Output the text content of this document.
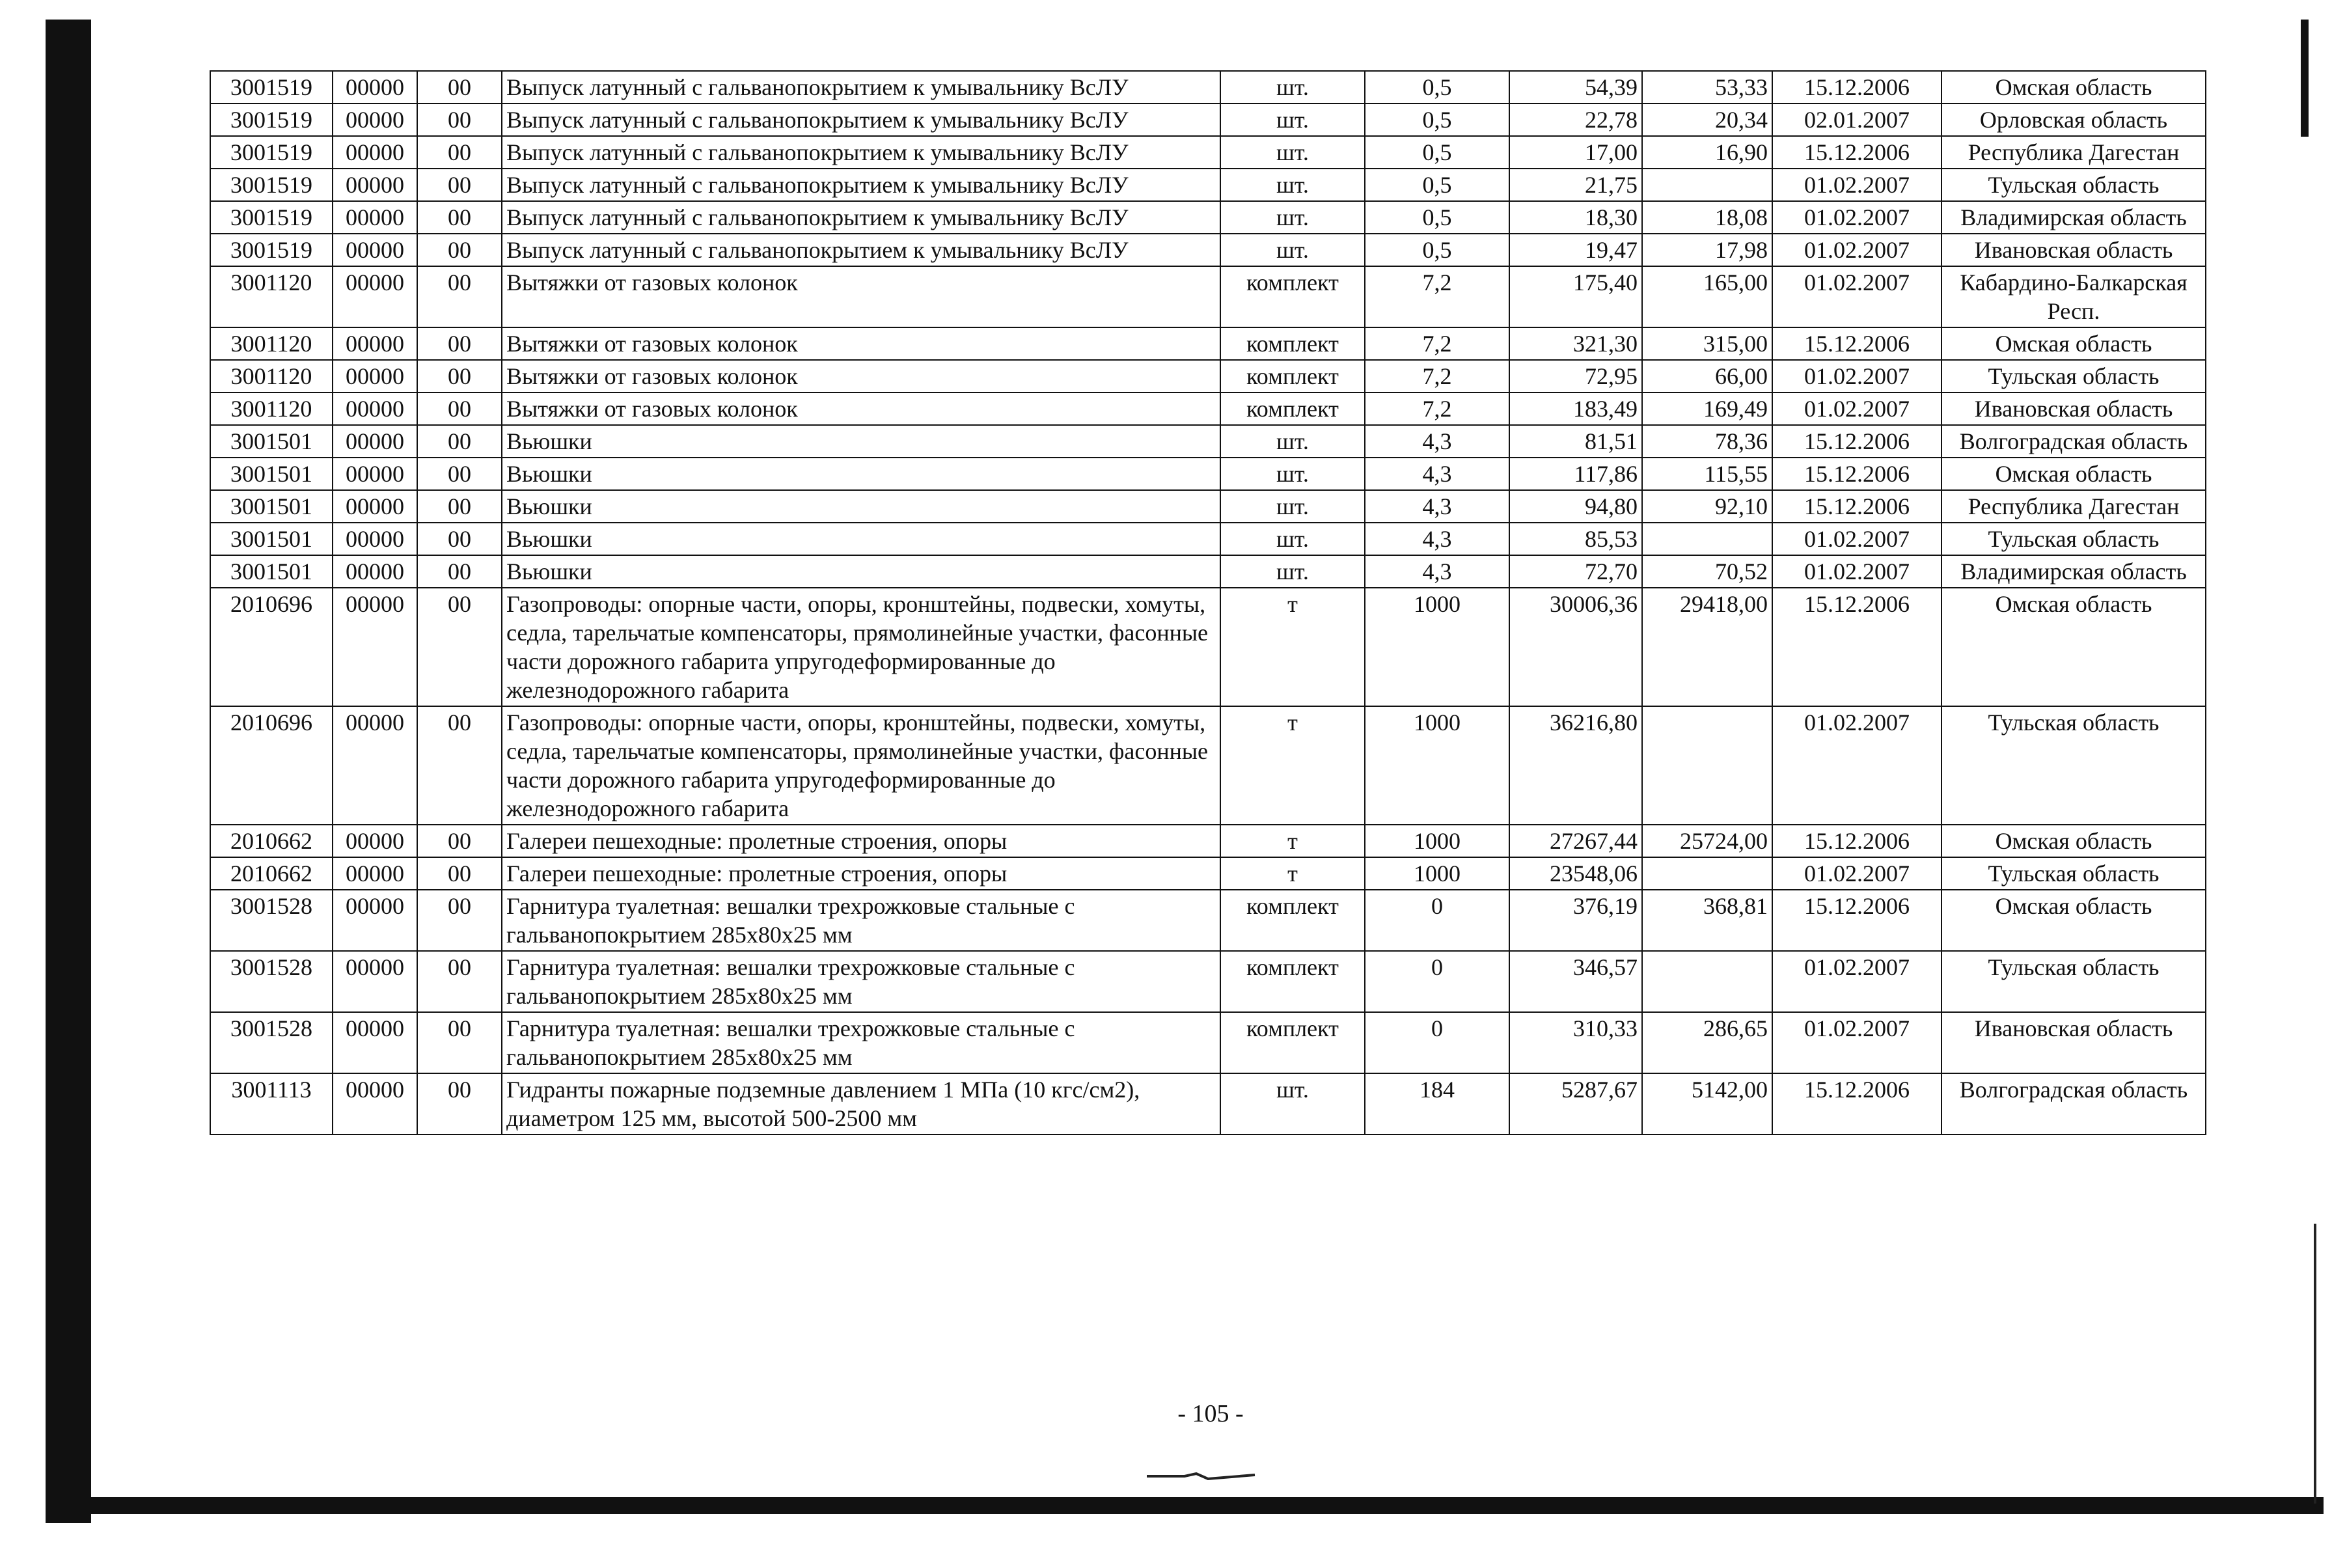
3001519	00000	00	Выпуск латунный с гальванопокрытием к умывальнику ВсЛУ	шт.	0,5	54,39	53,33	15.12.2006	Омская область
3001519	00000	00	Выпуск латунный с гальванопокрытием к умывальнику ВсЛУ	шт.	0,5	22,78	20,34	02.01.2007	Орловская область
3001519	00000	00	Выпуск латунный с гальванопокрытием к умывальнику ВсЛУ	шт.	0,5	17,00	16,90	15.12.2006	Республика Дагестан
3001519	00000	00	Выпуск латунный с гальванопокрытием к умывальнику ВсЛУ	шт.	0,5	21,75		01.02.2007	Тульская область
3001519	00000	00	Выпуск латунный с гальванопокрытием к умывальнику ВсЛУ	шт.	0,5	18,30	18,08	01.02.2007	Владимирская область
3001519	00000	00	Выпуск латунный с гальванопокрытием к умывальнику ВсЛУ	шт.	0,5	19,47	17,98	01.02.2007	Ивановская область
3001120	00000	00	Вытяжки от газовых колонок	комплект	7,2	175,40	165,00	01.02.2007	Кабардино-Балкарская Респ.
3001120	00000	00	Вытяжки от газовых колонок	комплект	7,2	321,30	315,00	15.12.2006	Омская область
3001120	00000	00	Вытяжки от газовых колонок	комплект	7,2	72,95	66,00	01.02.2007	Тульская область
3001120	00000	00	Вытяжки от газовых колонок	комплект	7,2	183,49	169,49	01.02.2007	Ивановская область
3001501	00000	00	Вьюшки	шт.	4,3	81,51	78,36	15.12.2006	Волгоградская область
3001501	00000	00	Вьюшки	шт.	4,3	117,86	115,55	15.12.2006	Омская область
3001501	00000	00	Вьюшки	шт.	4,3	94,80	92,10	15.12.2006	Республика Дагестан
3001501	00000	00	Вьюшки	шт.	4,3	85,53		01.02.2007	Тульская область
3001501	00000	00	Вьюшки	шт.	4,3	72,70	70,52	01.02.2007	Владимирская область
2010696	00000	00	Газопроводы: опорные части, опоры, кронштейны, подвески, хомуты, седла, тарельчатые компенсаторы, прямолинейные участки, фасонные части дорожного габарита упругодеформированные до железнодорожного габарита	т	1000	30006,36	29418,00	15.12.2006	Омская область
2010696	00000	00	Газопроводы: опорные части, опоры, кронштейны, подвески, хомуты, седла, тарельчатые компенсаторы, прямолинейные участки, фасонные части дорожного габарита упругодеформированные до железнодорожного габарита	т	1000	36216,80		01.02.2007	Тульская область
2010662	00000	00	Галереи пешеходные: пролетные строения, опоры	т	1000	27267,44	25724,00	15.12.2006	Омская область
2010662	00000	00	Галереи пешеходные: пролетные строения, опоры	т	1000	23548,06		01.02.2007	Тульская область
3001528	00000	00	Гарнитура туалетная: вешалки трехрожковые стальные с гальванопокрытием 285х80х25 мм	комплект	0	376,19	368,81	15.12.2006	Омская область
3001528	00000	00	Гарнитура туалетная: вешалки трехрожковые стальные с гальванопокрытием 285х80х25 мм	комплект	0	346,57		01.02.2007	Тульская область
3001528	00000	00	Гарнитура туалетная: вешалки трехрожковые стальные с гальванопокрытием 285х80х25 мм	комплект	0	310,33	286,65	01.02.2007	Ивановская область
3001113	00000	00	Гидранты пожарные подземные давлением 1 МПа (10 кгс/см2), диаметром 125 мм, высотой 500-2500 мм	шт.	184	5287,67	5142,00	15.12.2006	Волгоградская область
- 105 -
